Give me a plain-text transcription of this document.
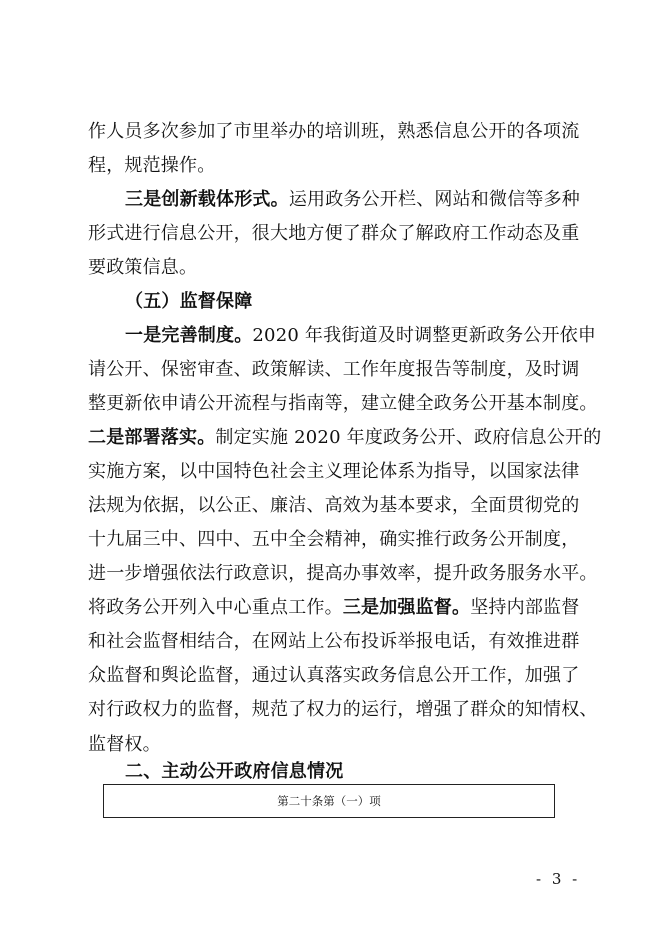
作人员多次参加了市里举办的培训班，熟悉信息公开的各项流
程，规范操作。
三是创新载体形式。运用政务公开栏、网站和微信等多种
形式进行信息公开，很大地方便了群众了解政府工作动态及重
要政策信息。
（五）监督保障
一是完善制度。2020 年我街道及时调整更新政务公开依申
请公开、保密审查、政策解读、工作年度报告等制度，及时调
整更新依申请公开流程与指南等，建立健全政务公开基本制度。
二是部署落实。制定实施 2020 年度政务公开、政府信息公开的
实施方案，以中国特色社会主义理论体系为指导，以国家法律
法规为依据，以公正、廉洁、高效为基本要求，全面贯彻党的
十九届三中、四中、五中全会精神，确实推行政务公开制度，
进一步增强依法行政意识，提高办事效率，提升政务服务水平。
将政务公开列入中心重点工作。三是加强监督。坚持内部监督
和社会监督相结合，在网站上公布投诉举报电话，有效推进群
众监督和舆论监督，通过认真落实政务信息公开工作，加强了
对行政权力的监督，规范了权力的运行，增强了群众的知情权、
监督权。
二、主动公开政府信息情况
第二十条第（一）项
- 3 -
